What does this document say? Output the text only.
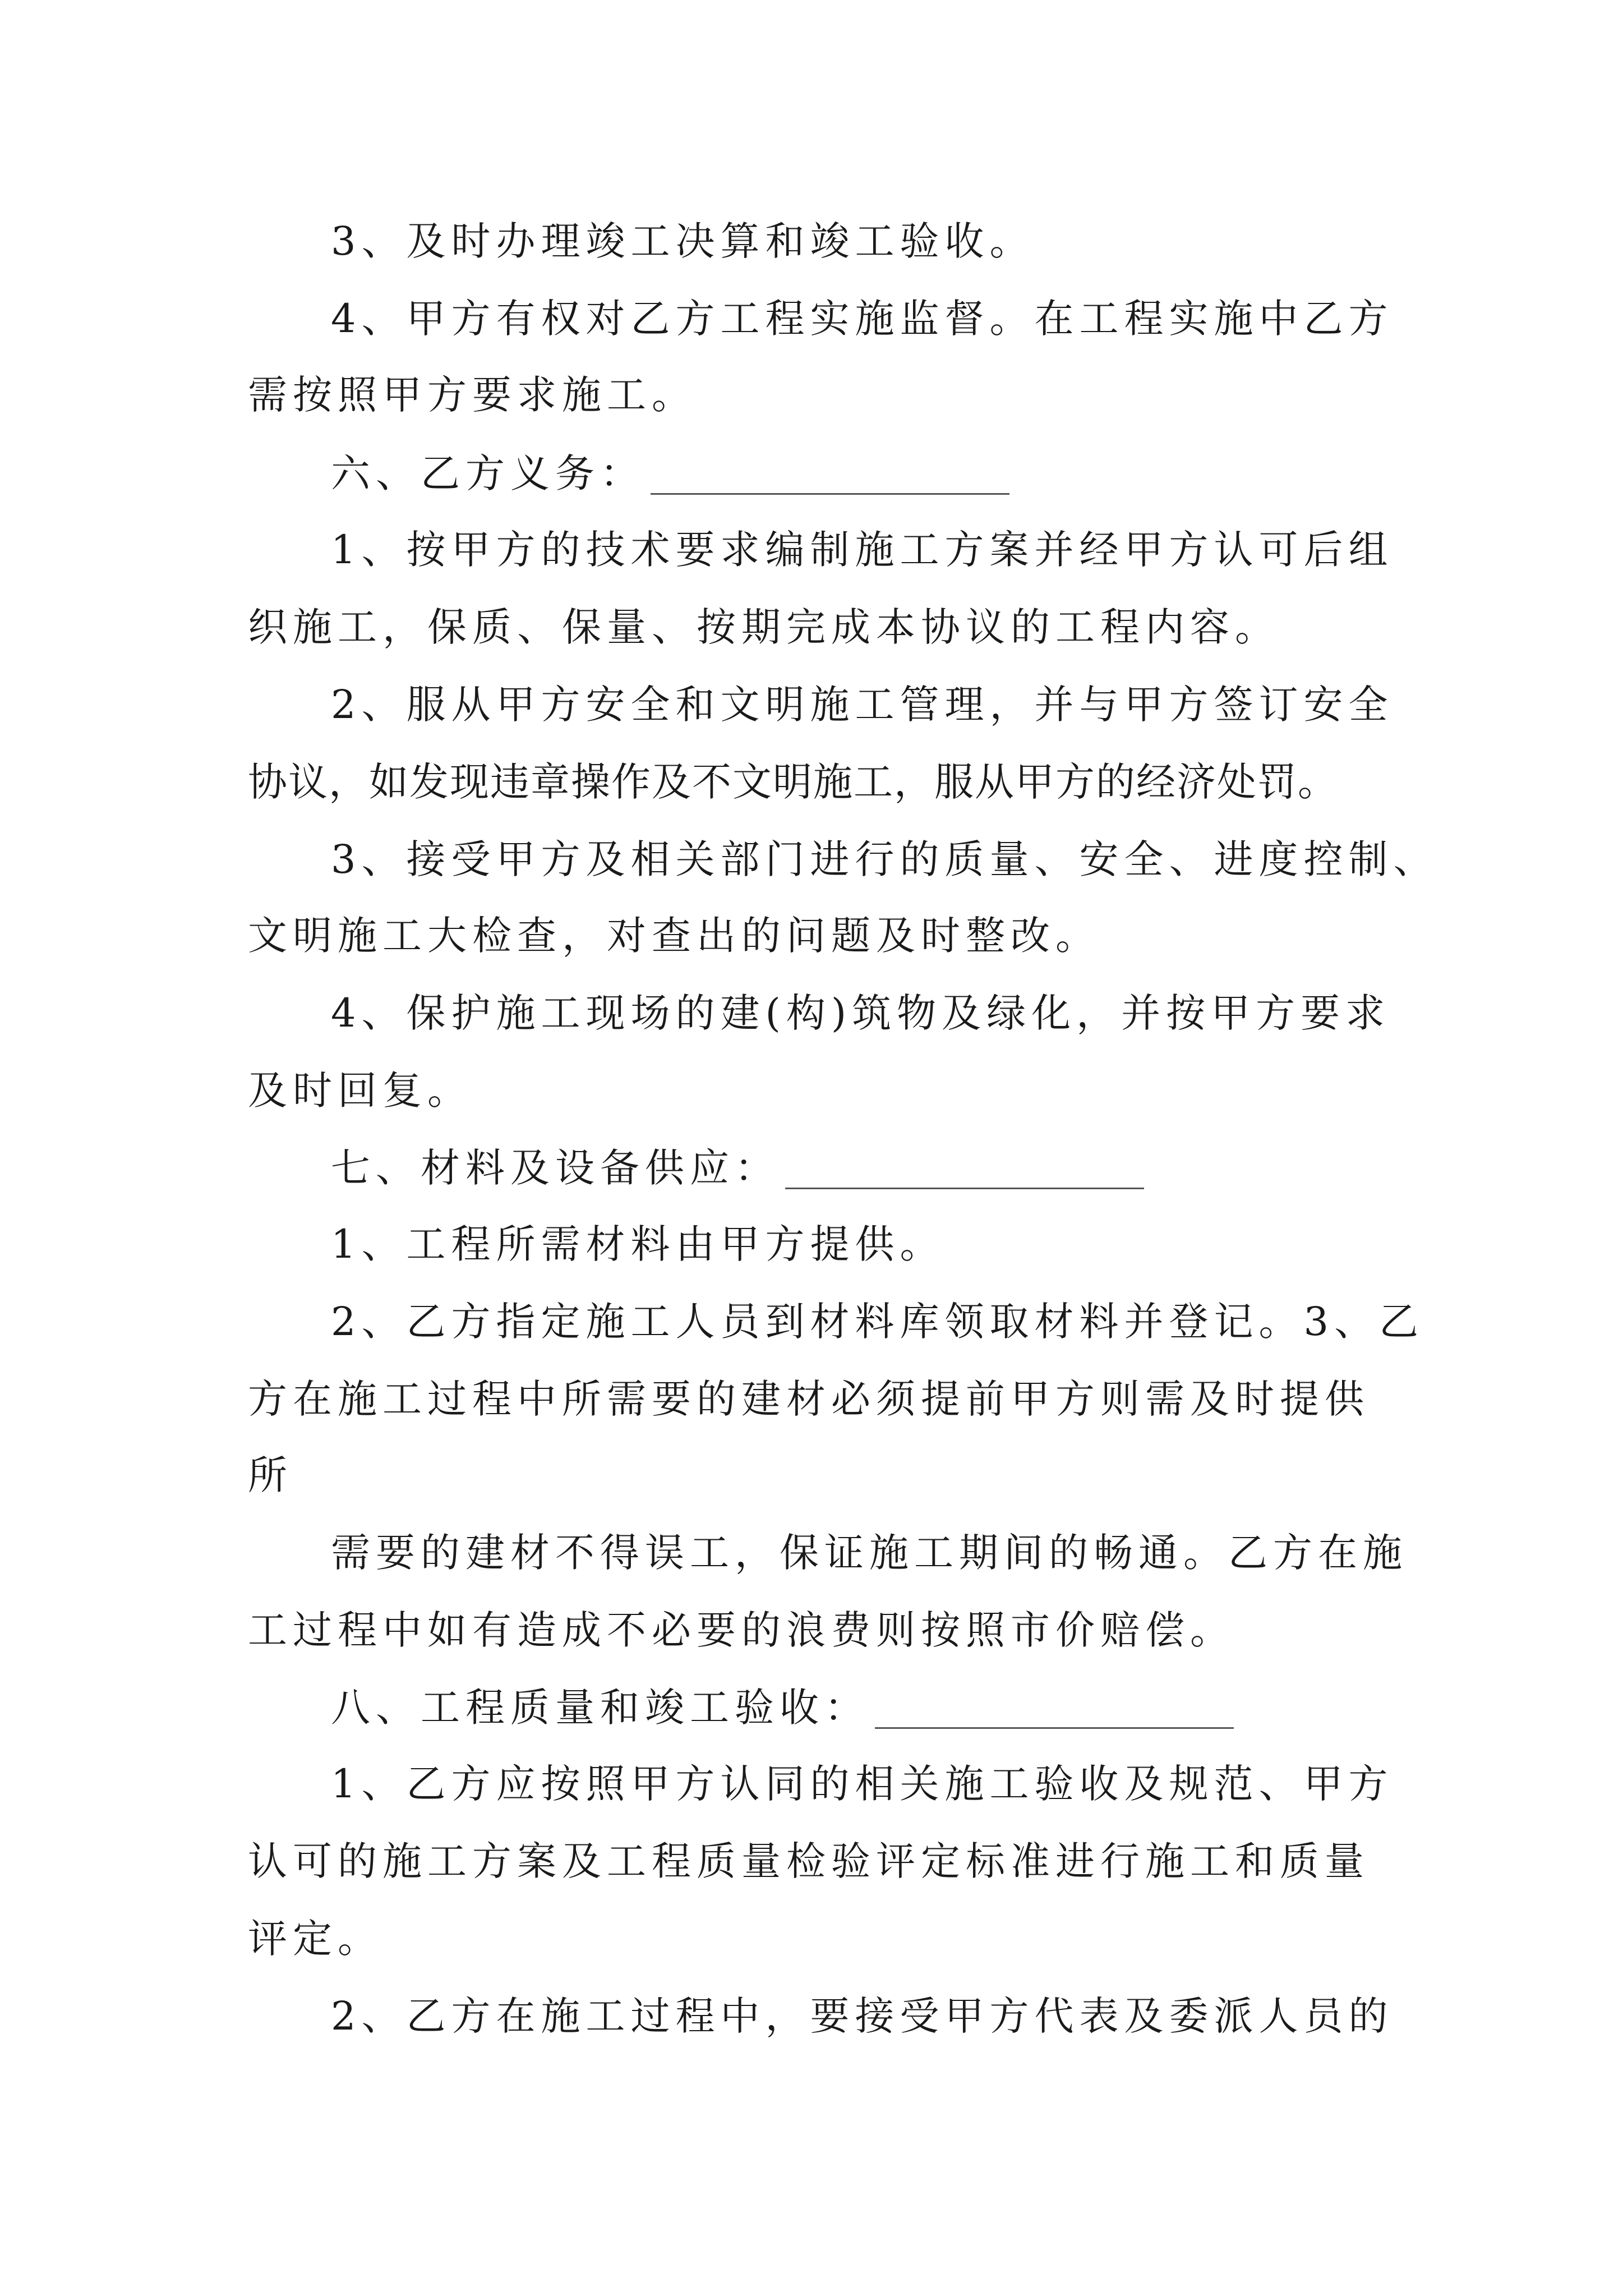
3、及时办理竣工决算和竣工验收。
4、甲方有权对乙方工程实施监督。在工程实施中乙方
需按照甲方要求施工。
六、乙方义务：
1、按甲方的技术要求编制施工方案并经甲方认可后组
织施工，保质、保量、按期完成本协议的工程内容。
2、服从甲方安全和文明施工管理，并与甲方签订安全
协议，如发现违章操作及不文明施工，服从甲方的经济处罚。
3、接受甲方及相关部门进行的质量、安全、进度控制、
文明施工大检查，对查出的问题及时整改。
4、保护施工现场的建(构)筑物及绿化，并按甲方要求
及时回复。
七、材料及设备供应：
1、工程所需材料由甲方提供。
2、乙方指定施工人员到材料库领取材料并登记。3、乙
方在施工过程中所需要的建材必须提前甲方则需及时提供
所
需要的建材不得误工，保证施工期间的畅通。乙方在施
工过程中如有造成不必要的浪费则按照市价赔偿。
八、工程质量和竣工验收：
1、乙方应按照甲方认同的相关施工验收及规范、甲方
认可的施工方案及工程质量检验评定标准进行施工和质量
评定。
2、乙方在施工过程中，要接受甲方代表及委派人员的
